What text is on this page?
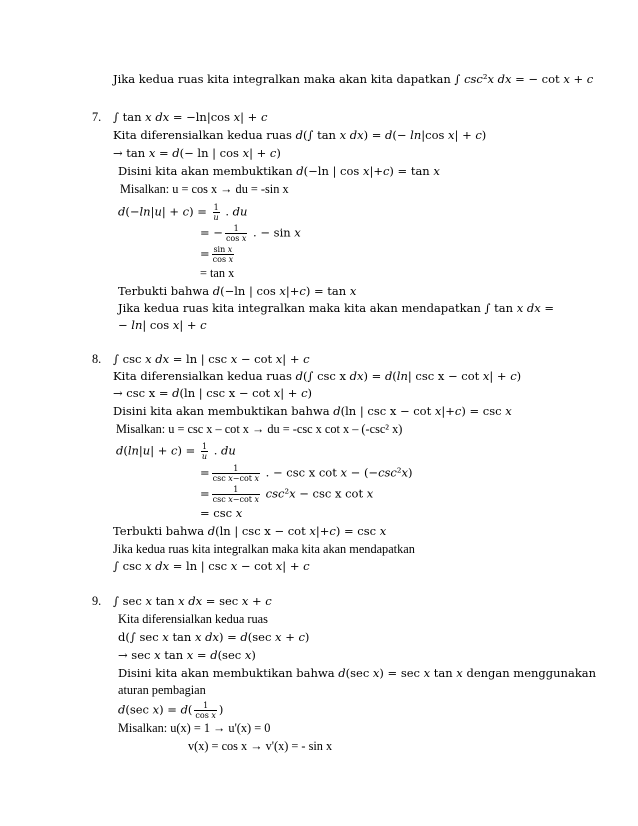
Jika kedua ruas kita integralkan maka akan kita dapatkan ∫ 𝑐𝑠𝑐²𝑥 𝑑𝑥 = − cot 𝑥 + 𝑐
7. ∫ tan 𝑥 𝑑𝑥 = −ln|cos 𝑥| + 𝑐
Kita diferensialkan kedua ruas 𝑑(∫ tan 𝑥 𝑑𝑥) = 𝑑(− 𝑙𝑛|cos 𝑥| + 𝑐)
→ tan 𝑥 = 𝑑(− ln | cos 𝑥| + 𝑐)
Disini kita akan membuktikan 𝑑(−ln | cos 𝑥|+𝑐) = tan 𝑥
Misalkan: u = cos x → du = -sin x
𝑑(−𝑙𝑛|𝑢| + 𝑐) = $\frac{1}{\text{𝑢}}$ . 𝑑𝑢
= − $\frac{1}{\text{cos 𝑥}}$ . − sin 𝑥
= $\frac{\text{sin 𝑥}}{\text{cos 𝑥}}$
= tan x
Terbukti bahwa 𝑑(−ln | cos 𝑥|+𝑐) = tan 𝑥
Jika kedua ruas kita integralkan maka kita akan mendapatkan ∫ tan 𝑥 𝑑𝑥 =
− 𝑙𝑛| cos 𝑥| + 𝑐
8. ∫ csc 𝑥 𝑑𝑥 = ln | csc 𝑥 − cot 𝑥| + 𝑐
Kita diferensialkan kedua ruas 𝑑(∫ csc x 𝑑𝑥) = 𝑑(𝑙𝑛| csc x − cot 𝑥| + 𝑐)
→ csc x = 𝑑(ln | csc x − cot 𝑥| + 𝑐)
Disini kita akan membuktikan bahwa 𝑑(ln | csc x − cot 𝑥|+𝑐) = csc 𝑥
Misalkan: u = csc x – cot x → du = -csc x cot x – (-csc² x)
𝑑(𝑙𝑛|𝑢| + 𝑐) = $\frac{1}{\text{𝑢}}$ . 𝑑𝑢
= $\frac{1}{\text{csc 𝑥−cot 𝑥}}$ . − csc x cot 𝑥 − (−𝑐𝑠𝑐²𝑥)
= $\frac{1}{\text{csc 𝑥−cot 𝑥}}$ 𝑐𝑠𝑐²𝑥 − csc x cot 𝑥
= csc 𝑥
Terbukti bahwa 𝑑(ln | csc x − cot 𝑥|+𝑐) = csc 𝑥
Jika kedua ruas kita integralkan maka kita akan mendapatkan
∫ csc 𝑥 𝑑𝑥 = ln | csc 𝑥 − cot 𝑥| + 𝑐
9. ∫ sec 𝑥 tan 𝑥 𝑑𝑥 = sec 𝑥 + 𝑐
Kita diferensialkan kedua ruas
d(∫ sec 𝑥 tan 𝑥 𝑑𝑥) = 𝑑(sec 𝑥 + 𝑐)
→ sec 𝑥 tan 𝑥 = 𝑑(sec 𝑥)
Disini kita akan membuktikan bahwa 𝑑(sec 𝑥) = sec 𝑥 tan 𝑥 dengan menggunakan
aturan pembagian
𝑑(sec 𝑥) = 𝑑( $\frac{1}{\text{cos 𝑥}}$ )
Misalkan: u(x) = 1 → u'(x) = 0
v(x) = cos x → v'(x) = - sin x
